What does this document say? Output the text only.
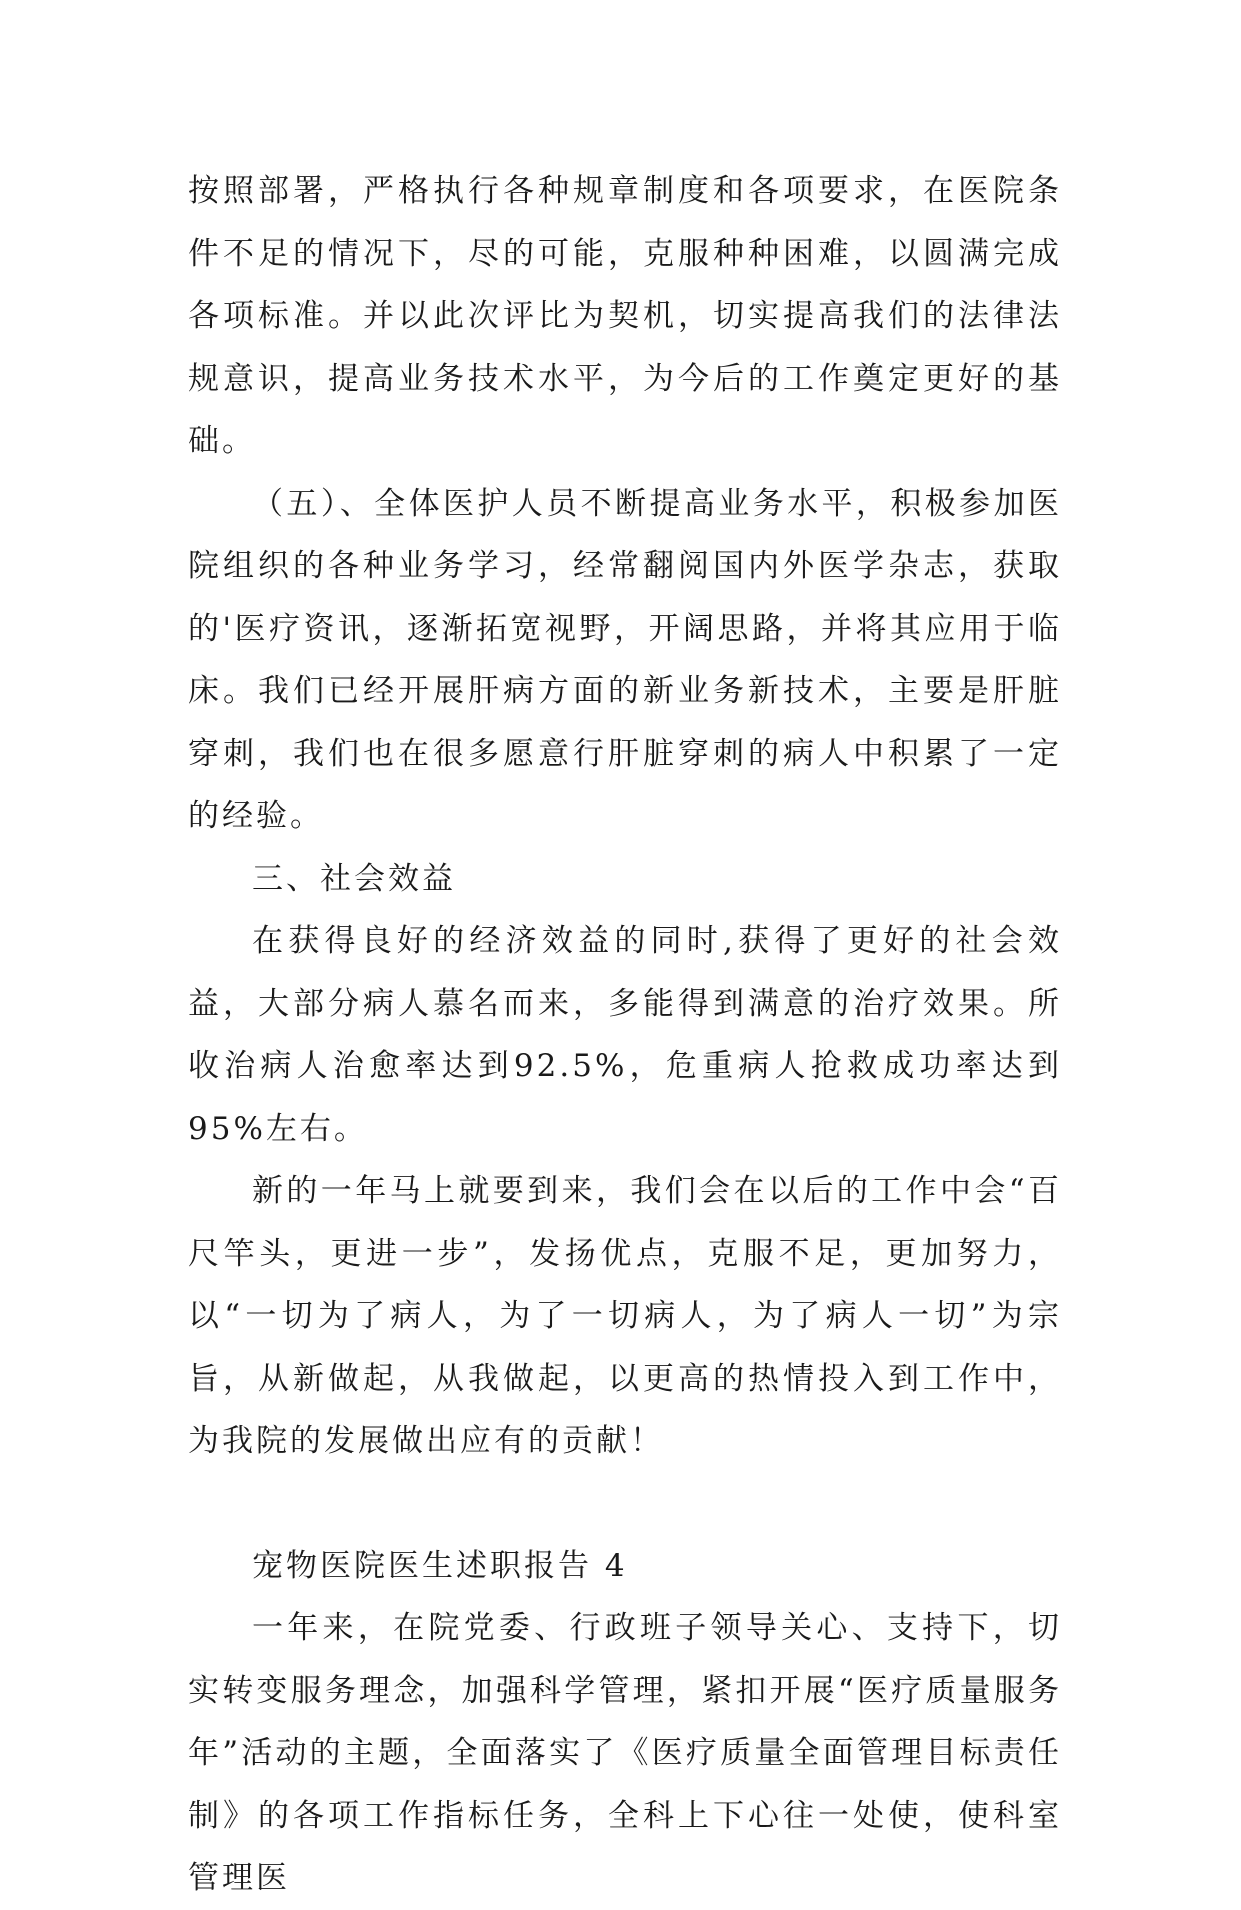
按照部署，严格执行各种规章制度和各项要求，在医院条件不足的情况下，尽的可能，克服种种困难，以圆满完成各项标准。并以此次评比为契机，切实提高我们的法律法规意识，提高业务技术水平，为今后的工作奠定更好的基础。

（五）、全体医护人员不断提高业务水平，积极参加医院组织的各种业务学习，经常翻阅国内外医学杂志，获取的'医疗资讯，逐渐拓宽视野，开阔思路，并将其应用于临床。我们已经开展肝病方面的新业务新技术，主要是肝脏穿刺，我们也在很多愿意行肝脏穿刺的病人中积累了一定的经验。

三、社会效益

在获得良好的经济效益的同时,获得了更好的社会效益，大部分病人慕名而来，多能得到满意的治疗效果。所收治病人治愈率达到92.5%，危重病人抢救成功率达到95%左右。

新的一年马上就要到来，我们会在以后的工作中会“百尺竿头，更进一步”，发扬优点，克服不足，更加努力，以“一切为了病人，为了一切病人，为了病人一切”为宗旨，从新做起，从我做起，以更高的热情投入到工作中，为我院的发展做出应有的贡献！

宠物医院医生述职报告 4

一年来，在院党委、行政班子领导关心、支持下，切实转变服务理念，加强科学管理，紧扣开展“医疗质量服务年”活动的主题，全面落实了《医疗质量全面管理目标责任制》的各项工作指标任务，全科上下心往一处使，使科室管理医
